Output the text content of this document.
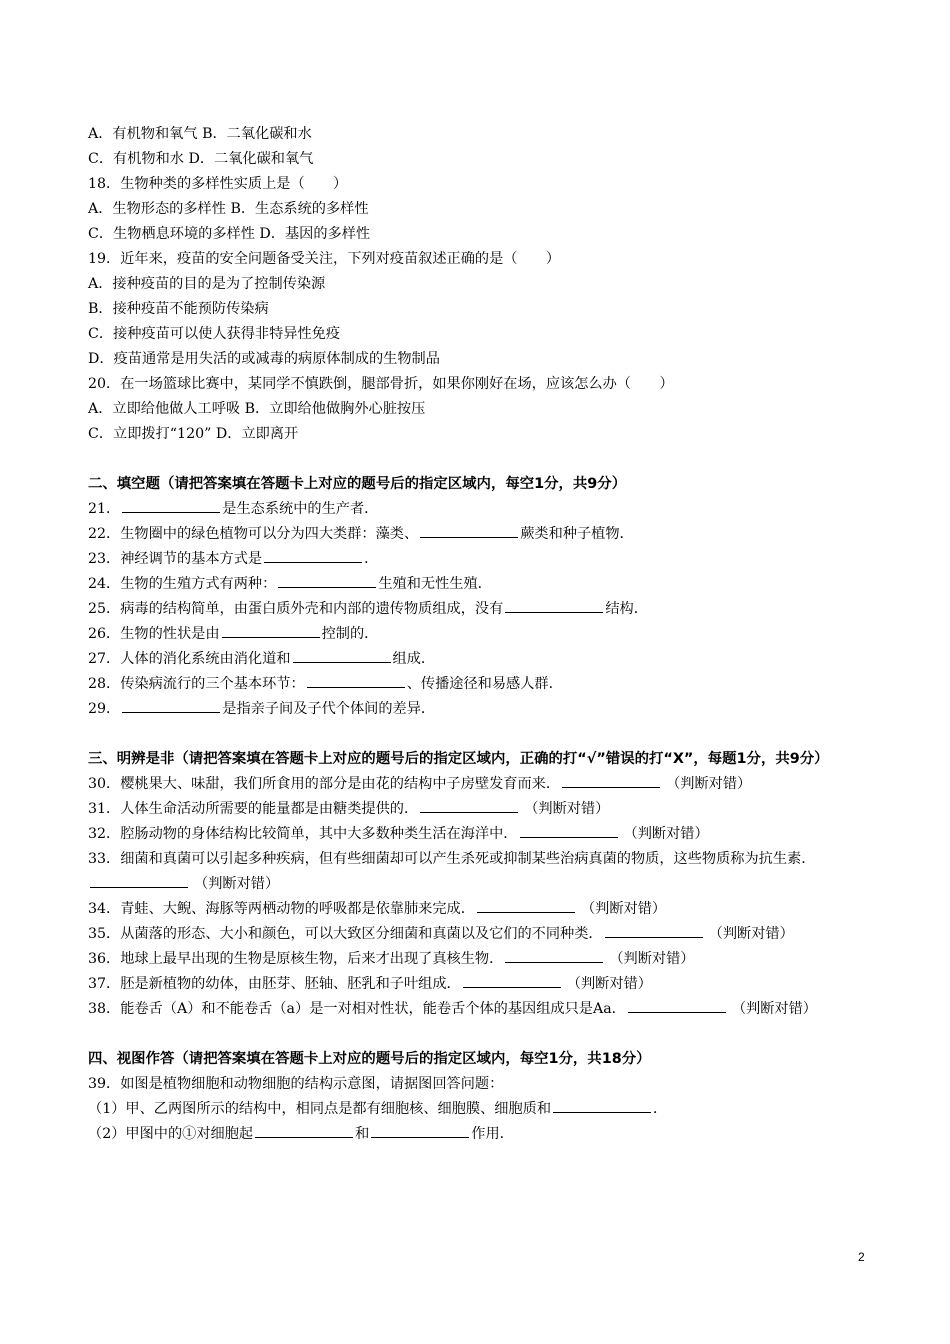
A．有机物和氧气 B．二氧化碳和水
C．有机物和水 D．二氧化碳和氧气
18．生物种类的多样性实质上是（　　）
A．生物形态的多样性 B．生态系统的多样性
C．生物栖息环境的多样性 D．基因的多样性
19．近年来，疫苗的安全问题备受关注，下列对疫苗叙述正确的是（　　）
A．接种疫苗的目的是为了控制传染源
B．接种疫苗不能预防传染病
C．接种疫苗可以使人获得非特异性免疫
D．疫苗通常是用失活的或减毒的病原体制成的生物制品
20．在一场篮球比赛中，某同学不慎跌倒，腿部骨折，如果你刚好在场，应该怎么办（　　）
A．立即给他做人工呼吸 B．立即给他做胸外心脏按压
C．立即拨打“120” D．立即离开
二、填空题（请把答案填在答题卡上对应的题号后的指定区域内，每空1分，共9分）
21．	是生态系统中的生产者．
22．生物圈中的绿色植物可以分为四大类群：藻类、	蕨类和种子植物．
23．神经调节的基本方式是	．
24．生物的生殖方式有两种：	生殖和无性生殖．
25．病毒的结构简单，由蛋白质外壳和内部的遗传物质组成，没有	结构．
26．生物的性状是由	控制的．
27．人体的消化系统由消化道和	组成．
28．传染病流行的三个基本环节：	、传播途径和易感人群．
29．	是指亲子间及子代个体间的差异．
三、明辨是非（请把答案填在答题卡上对应的题号后的指定区域内，正确的打“√”错误的打“X”，每题1分，共9分）
30．樱桃果大、味甜，我们所食用的部分是由花的结构中子房壁发育而来．	（判断对错）
31．人体生命活动所需要的能量都是由糖类提供的．	（判断对错）
32．腔肠动物的身体结构比较简单，其中大多数种类生活在海洋中．	（判断对错）
33．细菌和真菌可以引起多种疾病，但有些细菌却可以产生杀死或抑制某些治病真菌的物质，这些物质称为抗生素．（判断对错）
34．青蛙、大鲵、海豚等两栖动物的呼吸都是依靠肺来完成．	（判断对错）
35．从菌落的形态、大小和颜色，可以大致区分细菌和真菌以及它们的不同种类．	（判断对错）
36．地球上最早出现的生物是原核生物，后来才出现了真核生物．	（判断对错）
37．胚是新植物的幼体，由胚芽、胚轴、胚乳和子叶组成．	（判断对错）
38．能卷舌（A）和不能卷舌（a）是一对相对性状，能卷舌个体的基因组成只是Aa．	（判断对错）
四、视图作答（请把答案填在答题卡上对应的题号后的指定区域内，每空1分，共18分）
39．如图是植物细胞和动物细胞的结构示意图，请据图回答问题：
（1）甲、乙两图所示的结构中，相同点是都有细胞核、细胞膜、细胞质和	．
（2）甲图中的①对细胞起	和	作用．
2
